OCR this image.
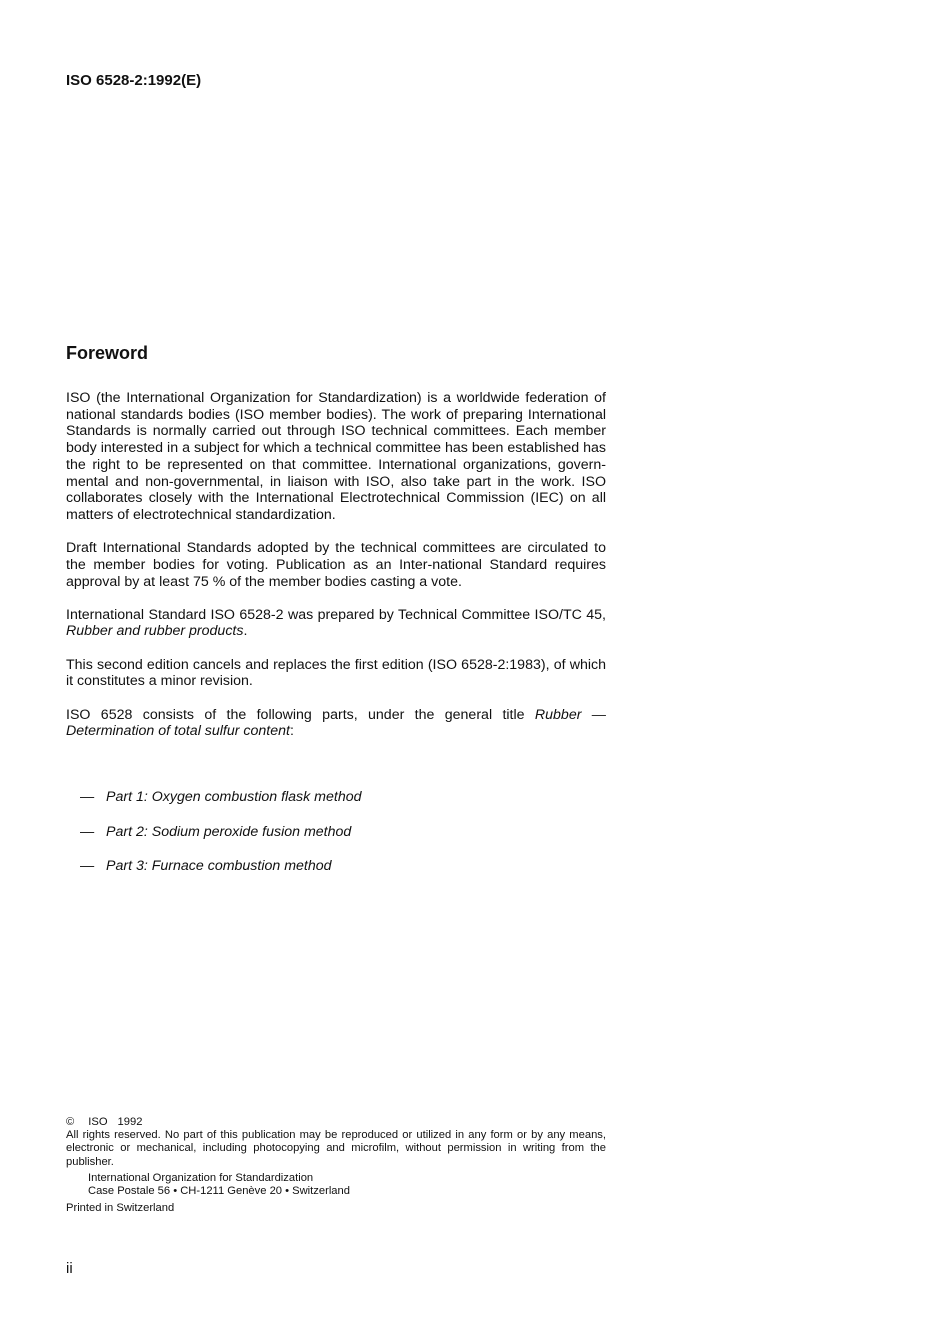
ISO 6528-2:1992(E)
Foreword

ISO (the International Organization for Standardization) is a worldwide federation of national standards bodies (ISO member bodies). The work of preparing International Standards is normally carried out through ISO technical committees. Each member body interested in a subject for which a technical committee has been established has the right to be represented on that committee. International organizations, govern-mental and non-governmental, in liaison with ISO, also take part in the work. ISO collaborates closely with the International Electrotechnical Commission (IEC) on all matters of electrotechnical standardization.

Draft International Standards adopted by the technical committees are circulated to the member bodies for voting. Publication as an Inter-national Standard requires approval by at least 75 % of the member bodies casting a vote.

International Standard ISO 6528-2 was prepared by Technical Committee ISO/TC 45, Rubber and rubber products.

This second edition cancels and replaces the first edition (ISO 6528-2:1983), of which it constitutes a minor revision.

ISO 6528 consists of the following parts, under the general title Rubber — Determination of total sulfur content:

— Part 1: Oxygen combustion flask method
— Part 2: Sodium peroxide fusion method
— Part 3: Furnace combustion method

© ISO 1992

All rights reserved. No part of this publication may be reproduced or utilized in any form or by any means, electronic or mechanical, including photocopying and microfilm, without permission in writing from the publisher.

International Organization for Standardization

Case Postale 56 • CH-1211 Genève 20 • Switzerland

Printed in Switzerland

ii
